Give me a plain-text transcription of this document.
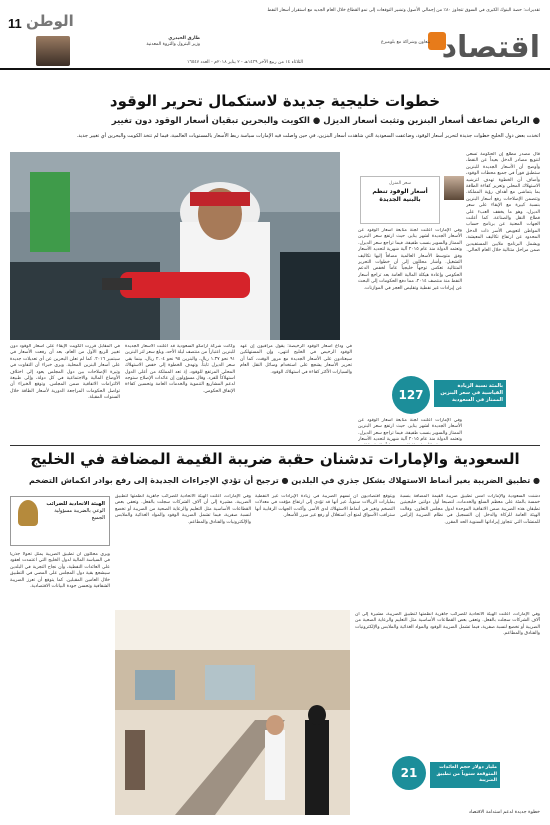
11 الوطن
تقديرات: حصة البنوك الكبرى في السوق تتجاوز ٨٠٪ من إجمالي الأصول وتشير التوقعات إلى نمو القطاع خلال العام الجديد مع استقرار أسعار النفط
طارق الحيدري
وزير البترول والثروة المعدنية
الثلاثاء ١٤ من ربيع الآخر ١٤٣٩هـ - ٢ يناير ٢٠١٨م - العدد ١٦٥٤٧
بتعاون وشراكة مع بلومبرغ اقتصاد
خطوات خليجية جديدة لاستكمال تحرير الوقود
● الرياض تضاعف أسعار البنزين وتثبت أسعار الديزل ● الكويت والبحرين تبقيان أسعار الوقود دون تغيير
اتخذت بعض دول الخليج خطوات جديدة لتحرير أسعار الوقود، وضاعفت السعودية التي شاهدت أسعار البنزين، في حين واصلت فيه الإمارات سياسة ربط الأسعار بالمستويات العالمية، فيما لم تتخذ الكويت والبحرين أي تغيير جديد.
سعر المنزل
أسعار الوقود تنظم بالبنية الجديدة
قال مصدر مطلع إن الحكومة تسعى لتنويع مصادر الدخل بعيداً عن النفط، وأوضح أن الأسعار الجديدة للبنزين ستطبق فوراً في جميع محطات الوقود، وأضاف أن الخطوة تهدف لترشيد الاستهلاك المحلي وتعزيز كفاءة الطاقة بما يتماشى مع أهداف رؤية المملكة. وتتضمن الإصلاحات رفع أسعار البنزين بنسبة كبيرة مع الإبقاء على سعر الديزل، وهو ما يخفف العبء على قطاع النقل والصناعة. كما أعلنت الجهات المعنية عن برنامج حساب المواطن لتعويض الأسر ذات الدخل المحدود عن ارتفاع تكاليف المعيشة، ويشمل البرنامج ملايين المستفيدين ضمن مراحل متتالية خلال العام الحالي.
وفي الإمارات أعلنت لجنة متابعة أسعار الوقود عن الأسعار الجديدة لشهر يناير، حيث ارتفع سعر البنزين الممتاز والسوبر بنسب طفيفة، فيما تراجع سعر الديزل. وتعتمد الدولة منذ عام ٢٠١٥ آلية شهرية لتحديد الأسعار وفق متوسط الأسعار العالمية مضافاً إليها تكاليف التشغيل. وأشار محللون إلى أن خطوات التحرير المتتالية تعكس توجهاً خليجياً عاماً لخفض الدعم الحكومي وإعادة هيكلة المالية العامة بعد تراجع أسعار النفط منذ منتصف ٢٠١٤، مما دفع الحكومات إلى البحث عن إيرادات غير نفطية وتقليص العجز في الموازنات.
في المقابل قررت الكويت الإبقاء على أسعار الوقود دون تغيير للربع الأول من العام، بعد أن رفعت الأسعار في سبتمبر ٢٠١٦. كما لم تعلن البحرين عن أي تعديلات جديدة على أسعار البنزين المحلية. ويرى خبراء أن التفاوت في وتيرة الإصلاحات بين دول المجلس يعود إلى اختلاف الأوضاع المالية والاجتماعية في كل دولة، وإلى طبيعة الالتزامات الاتفاقية ضمن المجلس. وتوقع الخبراء أن تواصل الحكومات المراجعة الدورية لأسعار الطاقة خلال السنوات المقبلة.
وكانت شركة أرامكو السعودية قد أعلنت الأسعار الجديدة للبنزين اعتباراً من منتصف ليلة الأحد، وبلغ سعر لتر البنزين ٩١ نحو ١.٣٧ ريال، والبنزين ٩٥ نحو ٢.٠٤ ريال، بينما بقي سعر الديزل ثابتاً. وتهدف الخطوة إلى خفض الاستهلاك المحلي المرتفع للوقود، إذ تعد المملكة من أعلى الدول استهلاكاً للفرد. وقال مسؤولون إن عائدات الإصلاح ستوجه لدعم المشاريع التنموية والخدمات العامة وتحسين كفاءة الإنفاق الحكومي.
في وداع أسعار الوقود الرخيصة: يقول مراقبون إن عهد الوقود الرخيص في الخليج انتهى، وإن المستهلكين سيعتادون على الأسعار الجديدة مع مرور الوقت، كما أن تحرير الأسعار يشجع على استخدام وسائل النقل العام والسيارات الأكثر كفاءة في استهلاك الوقود.
وفي الإمارات أعلنت لجنة متابعة أسعار الوقود عن الأسعار الجديدة لشهر يناير، حيث ارتفع سعر البنزين الممتاز والسوبر بنسب طفيفة، فيما تراجع سعر الديزل. وتعتمد الدولة منذ عام ٢٠١٥ آلية شهرية لتحديد الأسعار
127
بالمئة نسبة الزيادة القياسية في سعر البنزين الممتاز في السعودية
السعودية والإمارات تدشنان حقبة ضريبة القيمة المضافة في الخليج
● تطبيق الضريبة بغير أنماط الاستهلاك بشكل جذري في البلدين ● ترجيح أن تؤدي الإجراءات الجديدة إلى رفع بوادر انكماش التضخم
الهيئة الاتحادية للضرائب
الوعي بالضريبة مسؤولية الجميع
دشنت السعودية والإمارات أمس تطبيق ضريبة القيمة المضافة بنسبة خمسة بالمئة على معظم السلع والخدمات، لتصبحا أول دولتين خليجيتين تطبقان هذه الضريبة ضمن الاتفاقية الموحدة لدول مجلس التعاون. وقالت الهيئة العامة للزكاة والدخل إن التسجيل في نظام الضريبة إلزامي للمنشآت التي تتجاوز إيراداتها السنوية الحد المقرر.
ويتوقع اقتصاديون أن تسهم الضريبة في زيادة الإيرادات غير النفطية بمليارات الريالات سنوياً، غير أنها قد تؤدي إلى ارتفاع مؤقت في معدلات التضخم وتغير في أنماط الاستهلاك لدى الأسر. وأكدت الجهات الرقابية أنها ستراقب الأسواق لمنع أي استغلال أو رفع غير مبرر للأسعار.
وفي الإمارات، أعلنت الهيئة الاتحادية للضرائب جاهزية أنظمتها لتطبيق الضريبة، مشيرة إلى أن آلاف الشركات سجلت بالفعل. وتعفى بعض القطاعات الأساسية مثل التعليم والرعاية الصحية من الضريبة أو تخضع لنسبة صفرية، فيما تشمل الضريبة الوقود والمواد الغذائية والملابس والإلكترونيات والفنادق والمطاعم.
ويرى محللون أن تطبيق الضريبة يمثل تحولاً جذرياً في السياسة المالية لدول الخليج التي اعتمدت لعقود على العائدات النفطية، وأن نجاح التجربة في البلدين سيشجع بقية دول المجلس على المضي في التطبيق خلال العامين المقبلين. كما يتوقع أن تعزز الضريبة الشفافية وتحسن جودة البيانات الاقتصادية.
وفي الإمارات، أعلنت الهيئة الاتحادية للضرائب جاهزية أنظمتها لتطبيق الضريبة، مشيرة إلى أن آلاف الشركات سجلت بالفعل. وتعفى بعض القطاعات الأساسية مثل التعليم والرعاية الصحية من الضريبة أو تخضع لنسبة صفرية، فيما تشمل الضريبة الوقود والمواد الغذائية والملابس والإلكترونيات والفنادق والمطاعم.
21	مليار دولار حجم العائدات المتوقعة سنوياً من تطبيق الضريبة
خطوة جديدة لدعم استدامة الاقتصاد
